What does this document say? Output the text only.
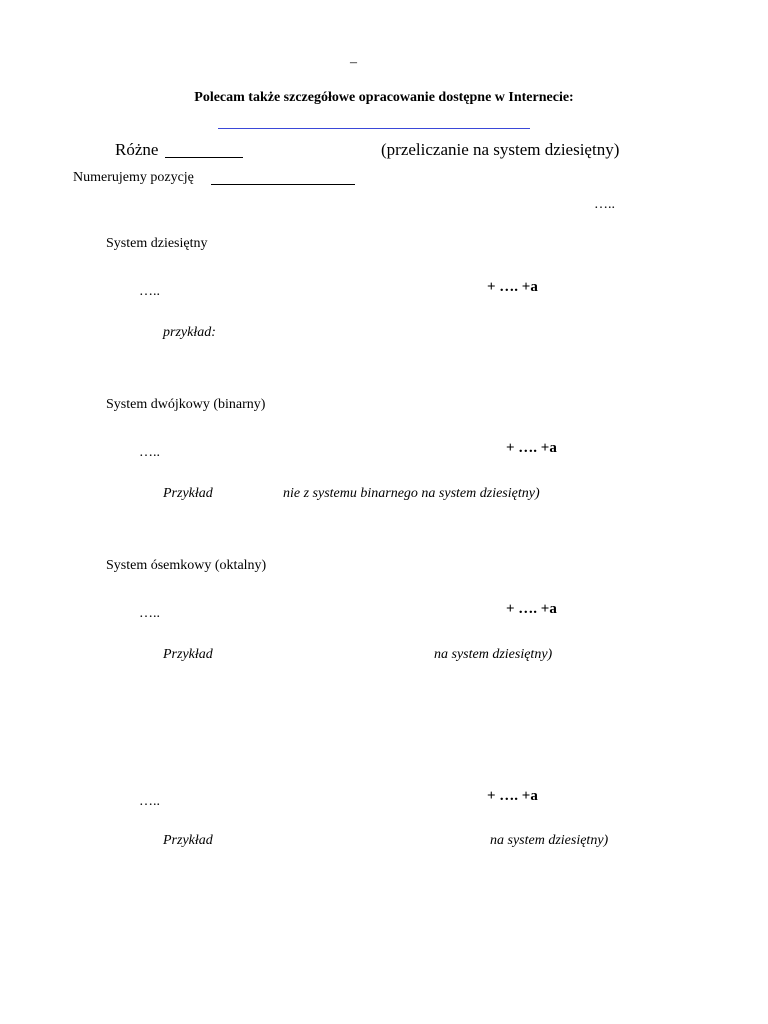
–
Polecam także szczegółowe opracowanie dostępne w Internecie:
Różne	(przeliczanie na system dziesiętny)
Numerujemy pozycję
…..
System dziesiętny
…..	+ …. +a
przykład:
System dwójkowy (binarny)
…..	+ …. +a
Przykład	nie z systemu binarnego na system dziesiętny)
System ósemkowy (oktalny)
…..	+ …. +a
Przykład	na system dziesiętny)
…..	+ …. +a
Przykład	na system dziesiętny)
